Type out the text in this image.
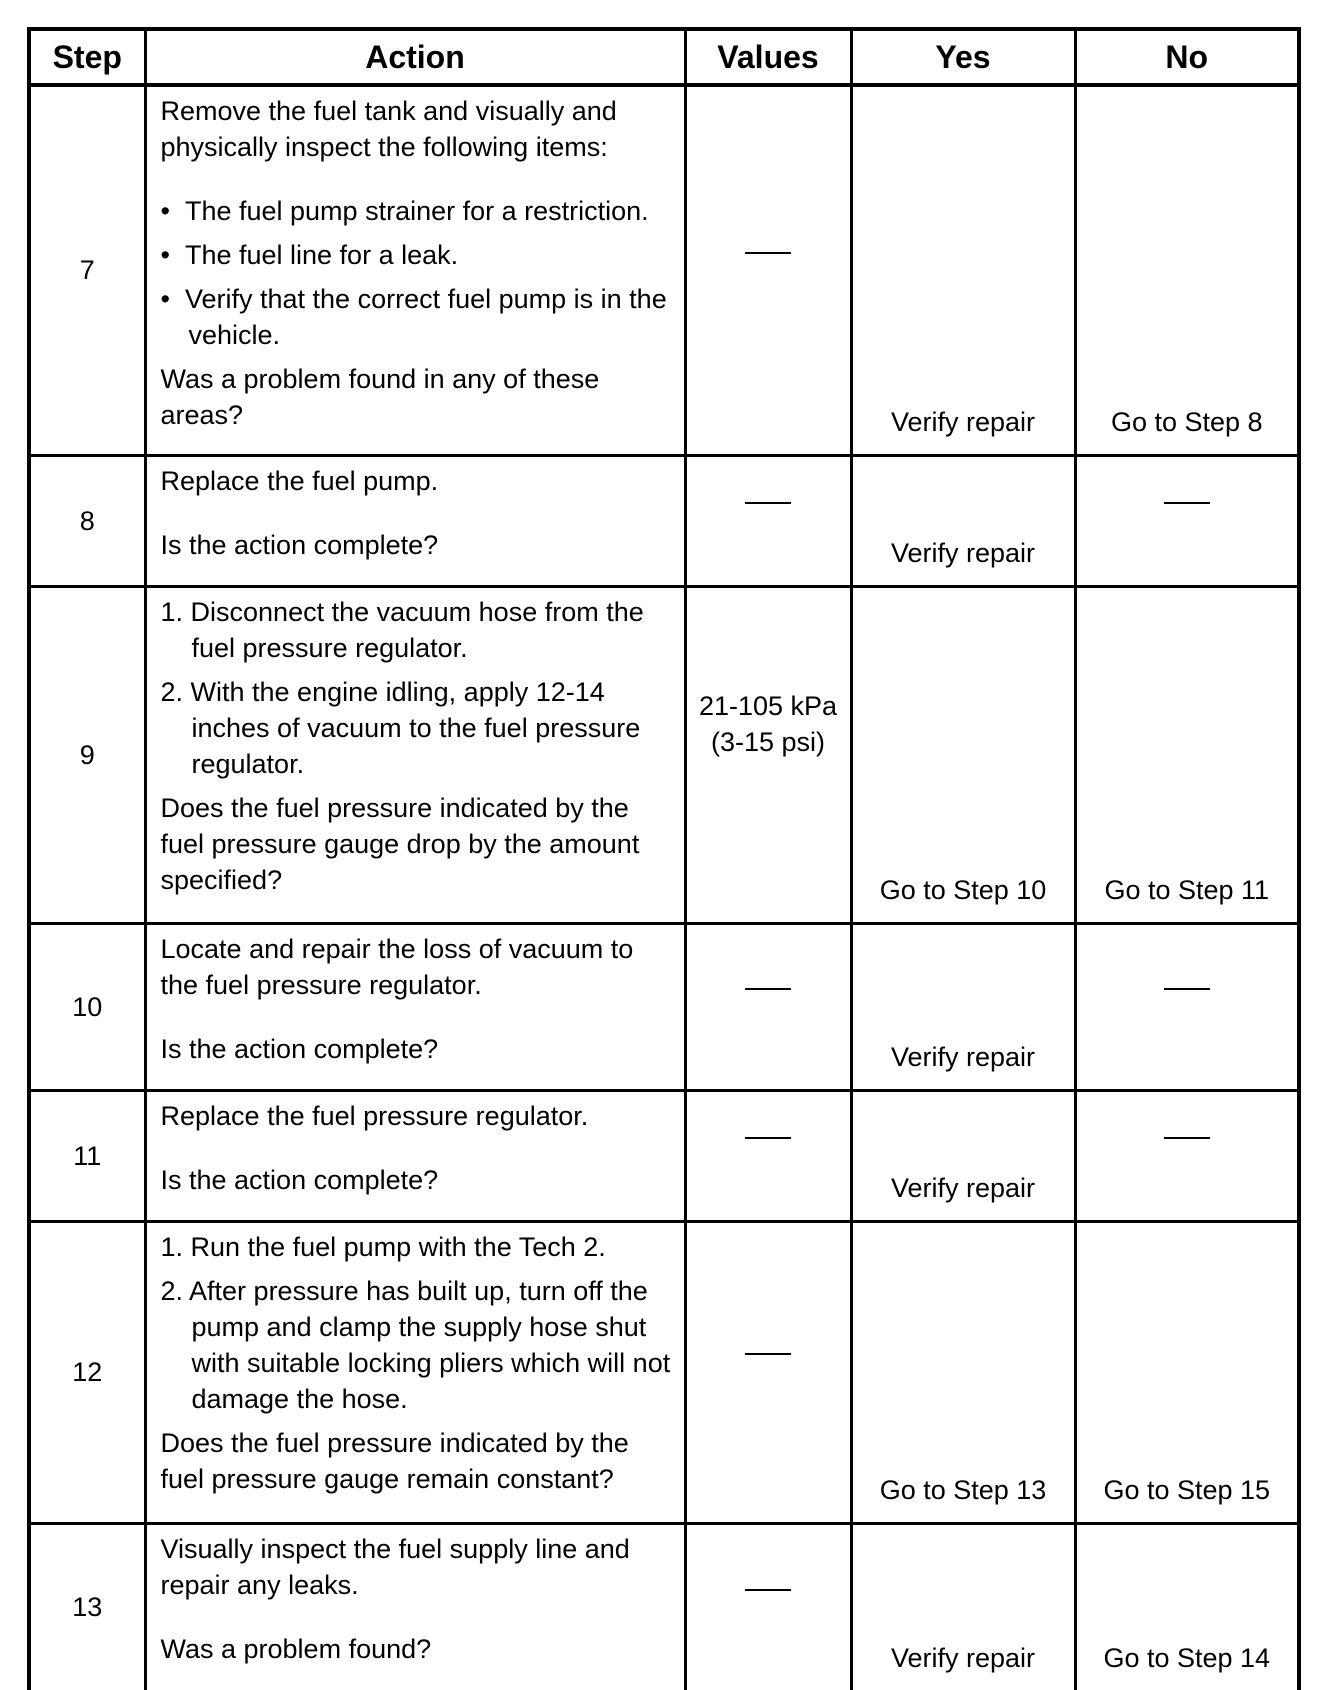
Step	Action	Values	Yes	No
7	Remove the fuel tank and visually and physically inspect the following items:
•  The fuel pump strainer for a restriction.
•  The fuel line for a leak.
•  Verify that the correct fuel pump is in the vehicle.
Was a problem found in any of these areas?		Verify repair	Go to Step 8
8	Replace the fuel pump.
Is the action complete?		Verify repair	
9	1. Disconnect the vacuum hose from the fuel pressure regulator.
2. With the engine idling, apply 12-14 inches of vacuum to the fuel pressure regulator.
Does the fuel pressure indicated by the fuel pressure gauge drop by the amount specified?	21-105 kPa (3-15 psi)	Go to Step 10	Go to Step 11
10	Locate and repair the loss of vacuum to the fuel pressure regulator.
Is the action complete?		Verify repair	
11	Replace the fuel pressure regulator.
Is the action complete?		Verify repair	
12	1. Run the fuel pump with the Tech 2.
2. After pressure has built up, turn off the pump and clamp the supply hose shut with suitable locking pliers which will not damage the hose.
Does the fuel pressure indicated by the fuel pressure gauge remain constant?		Go to Step 13	Go to Step 15
13	Visually inspect the fuel supply line and repair any leaks.
Was a problem found?		Verify repair	Go to Step 14
